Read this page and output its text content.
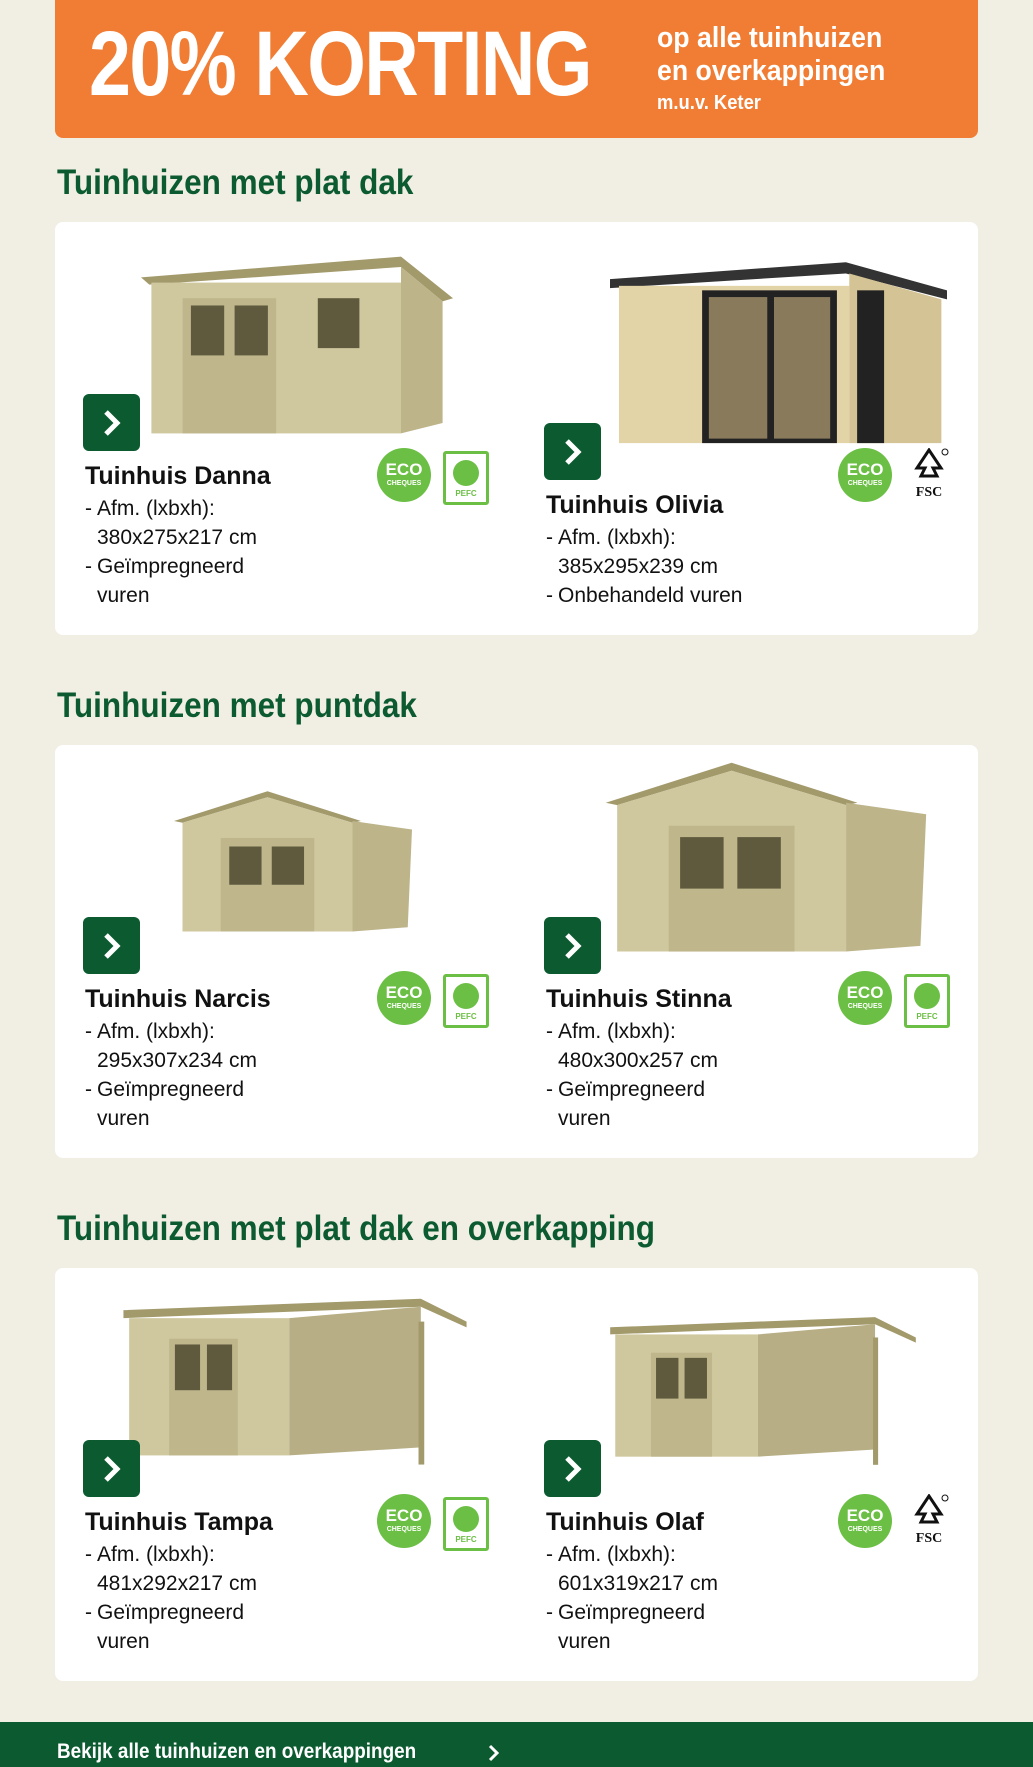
20% KORTING op alle tuinhuizen
en overkappingen
m.u.v. Keter
Tuinhuizen met plat dak
Tuinhuis Danna
- Afm. (lxbxh):
380x275x217 cm
- Geïmpregneerd vuren
ECO
CHEQUES
PEFC	Tuinhuis Olivia
- Afm. (lxbxh):
385x295x239 cm
- Onbehandeld vuren
ECO
CHEQUES
FSC
Tuinhuizen met puntdak
Tuinhuis Narcis
- Afm. (lxbxh):
295x307x234 cm
- Geïmpregneerd vuren
ECO
CHEQUES
PEFC
Tuinhuis Stinna
- Afm. (lxbxh):
480x300x257 cm
- Geïmpregneerd vuren
ECO
CHEQUES
PEFC
Tuinhuizen met plat dak en overkapping
Tuinhuis Tampa
- Afm. (lxbxh):
481x292x217 cm
- Geïmpregneerd vuren
ECO
CHEQUES
PEFC
Tuinhuis Olaf
- Afm. (lxbxh):
601x319x217 cm
- Geïmpregneerd vuren
ECO
CHEQUES
FSC
Bekijk alle tuinhuizen en overkappingen
